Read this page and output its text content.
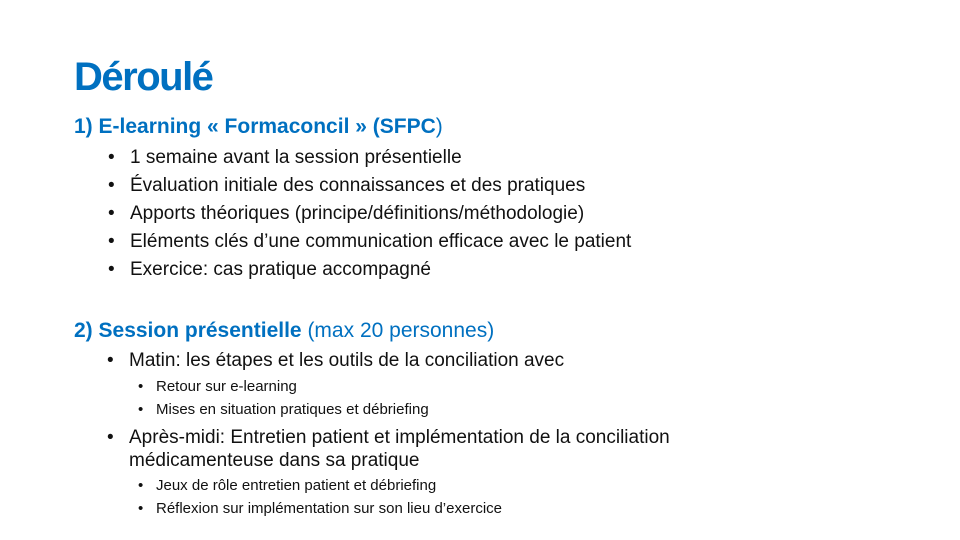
Déroulé
1) E-learning « Formaconcil » (SFPC)
• 1 semaine avant la session présentielle
• Évaluation initiale des connaissances et des pratiques
• Apports théoriques (principe/définitions/méthodologie)
• Eléments clés d’une communication efficace avec le patient
• Exercice: cas pratique accompagné
2) Session présentielle (max 20 personnes)
• Matin: les étapes et les outils de la conciliation avec
• Retour sur e-learning
• Mises en situation pratiques et débriefing
• Après-midi: Entretien patient et implémentation de la conciliation
médicamenteuse dans sa pratique
• Jeux de rôle entretien patient et débriefing
• Réflexion sur implémentation sur son lieu d’exercice
